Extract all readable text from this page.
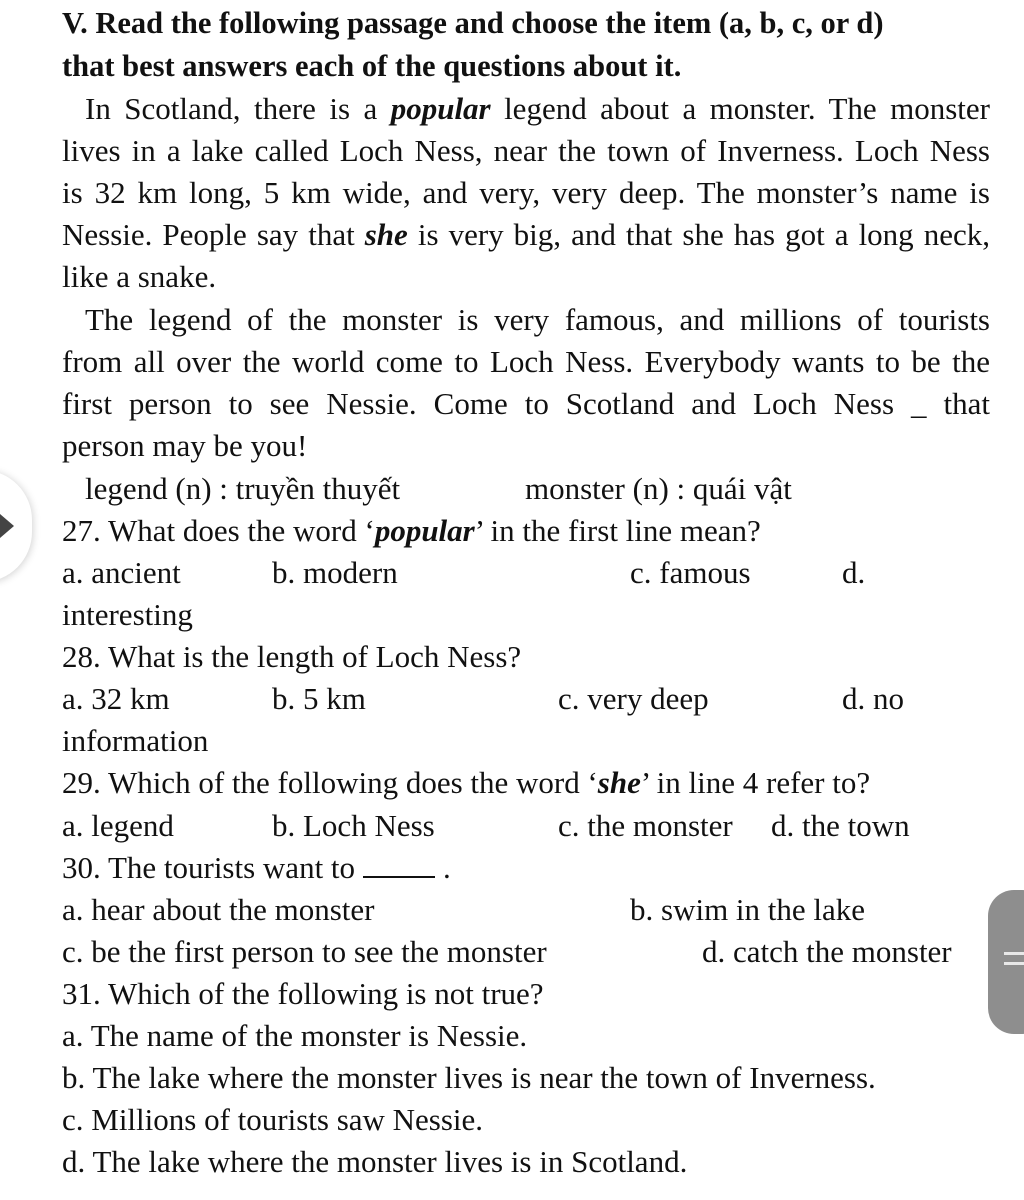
V. Read the following passage and choose the item (a, b, c, or d)
that best answers each of the questions about it.
In Scotland, there is a popular legend about a monster. The monster
lives in a lake called Loch Ness, near the town of Inverness. Loch Ness
is 32 km long, 5 km wide, and very, very deep. The monster’s name is
Nessie. People say that she is very big, and that she has got a long neck,
like a snake.
The legend of the monster is very famous, and millions of tourists
from all over the world come to Loch Ness. Everybody wants to be the
first person to see Nessie. Come to Scotland and Loch Ness _ that
person may be you!
legend (n) : truyền thuyết	monster (n) : quái vật
27. What does the word ‘popular’ in the first line mean?
a. ancient	b. modern	c. famous	d.
interesting
28. What is the length of Loch Ness?
a. 32 km	b. 5 km	c. very deep	d. no
information
29. Which of the following does the word ‘she’ in line 4 refer to?
a. legend	b. Loch Ness	c. the monster d. the town
30. The tourists want to	.
a. hear about the monster	b. swim in the lake
c. be the first person to see the monster	d. catch the monster
31. Which of the following is not true?
a. The name of the monster is Nessie.
b. The lake where the monster lives is near the town of Inverness.
c. Millions of tourists saw Nessie.
d. The lake where the monster lives is in Scotland.
